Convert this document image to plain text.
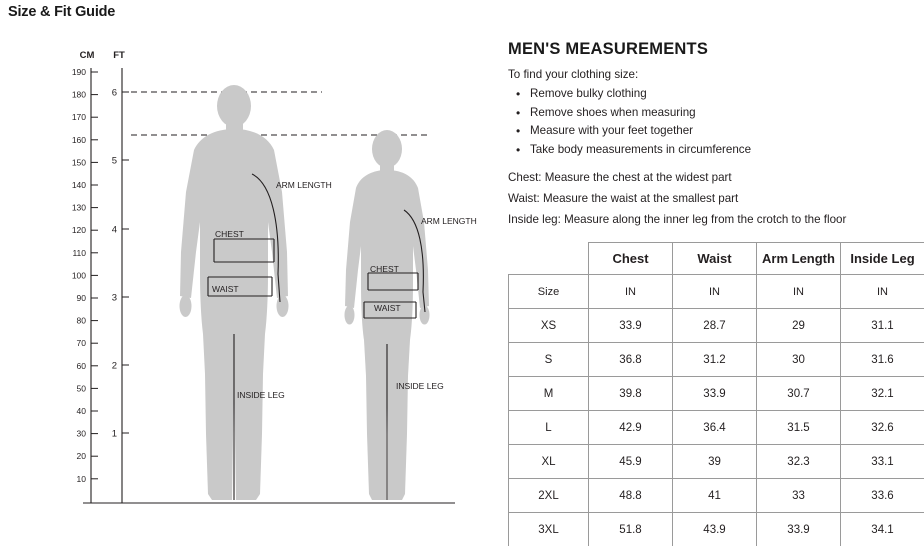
Size & Fit Guide
CM FT
190
180
170
160
150
140
130
120
110
100
90
80
70
60
50
40
30
20
10
6
5
4
3
2
1
ARM LENGTH
CHEST
WAIST
INSIDE LEG
ARM LENGTH
CHEST
WAIST
INSIDE LEG
MEN'S MEASUREMENTS

To find your clothing size:

• Remove bulky clothing
• Remove shoes when measuring
• Measure with your feet together
• Take body measurements in circumference

Chest: Measure the chest at the widest part

Waist: Measure the waist at the smallest part

Inside leg: Measure along the inner leg from the crotch to the floor

	Chest	Waist	Arm Length	Inside Leg
Size	IN	IN	IN	IN
XS	33.9	28.7	29	31.1
S	36.8	31.2	30	31.6
M	39.8	33.9	30.7	32.1
L	42.9	36.4	31.5	32.6
XL	45.9	39	32.3	33.1
2XL	48.8	41	33	33.6
3XL	51.8	43.9	33.9	34.1
